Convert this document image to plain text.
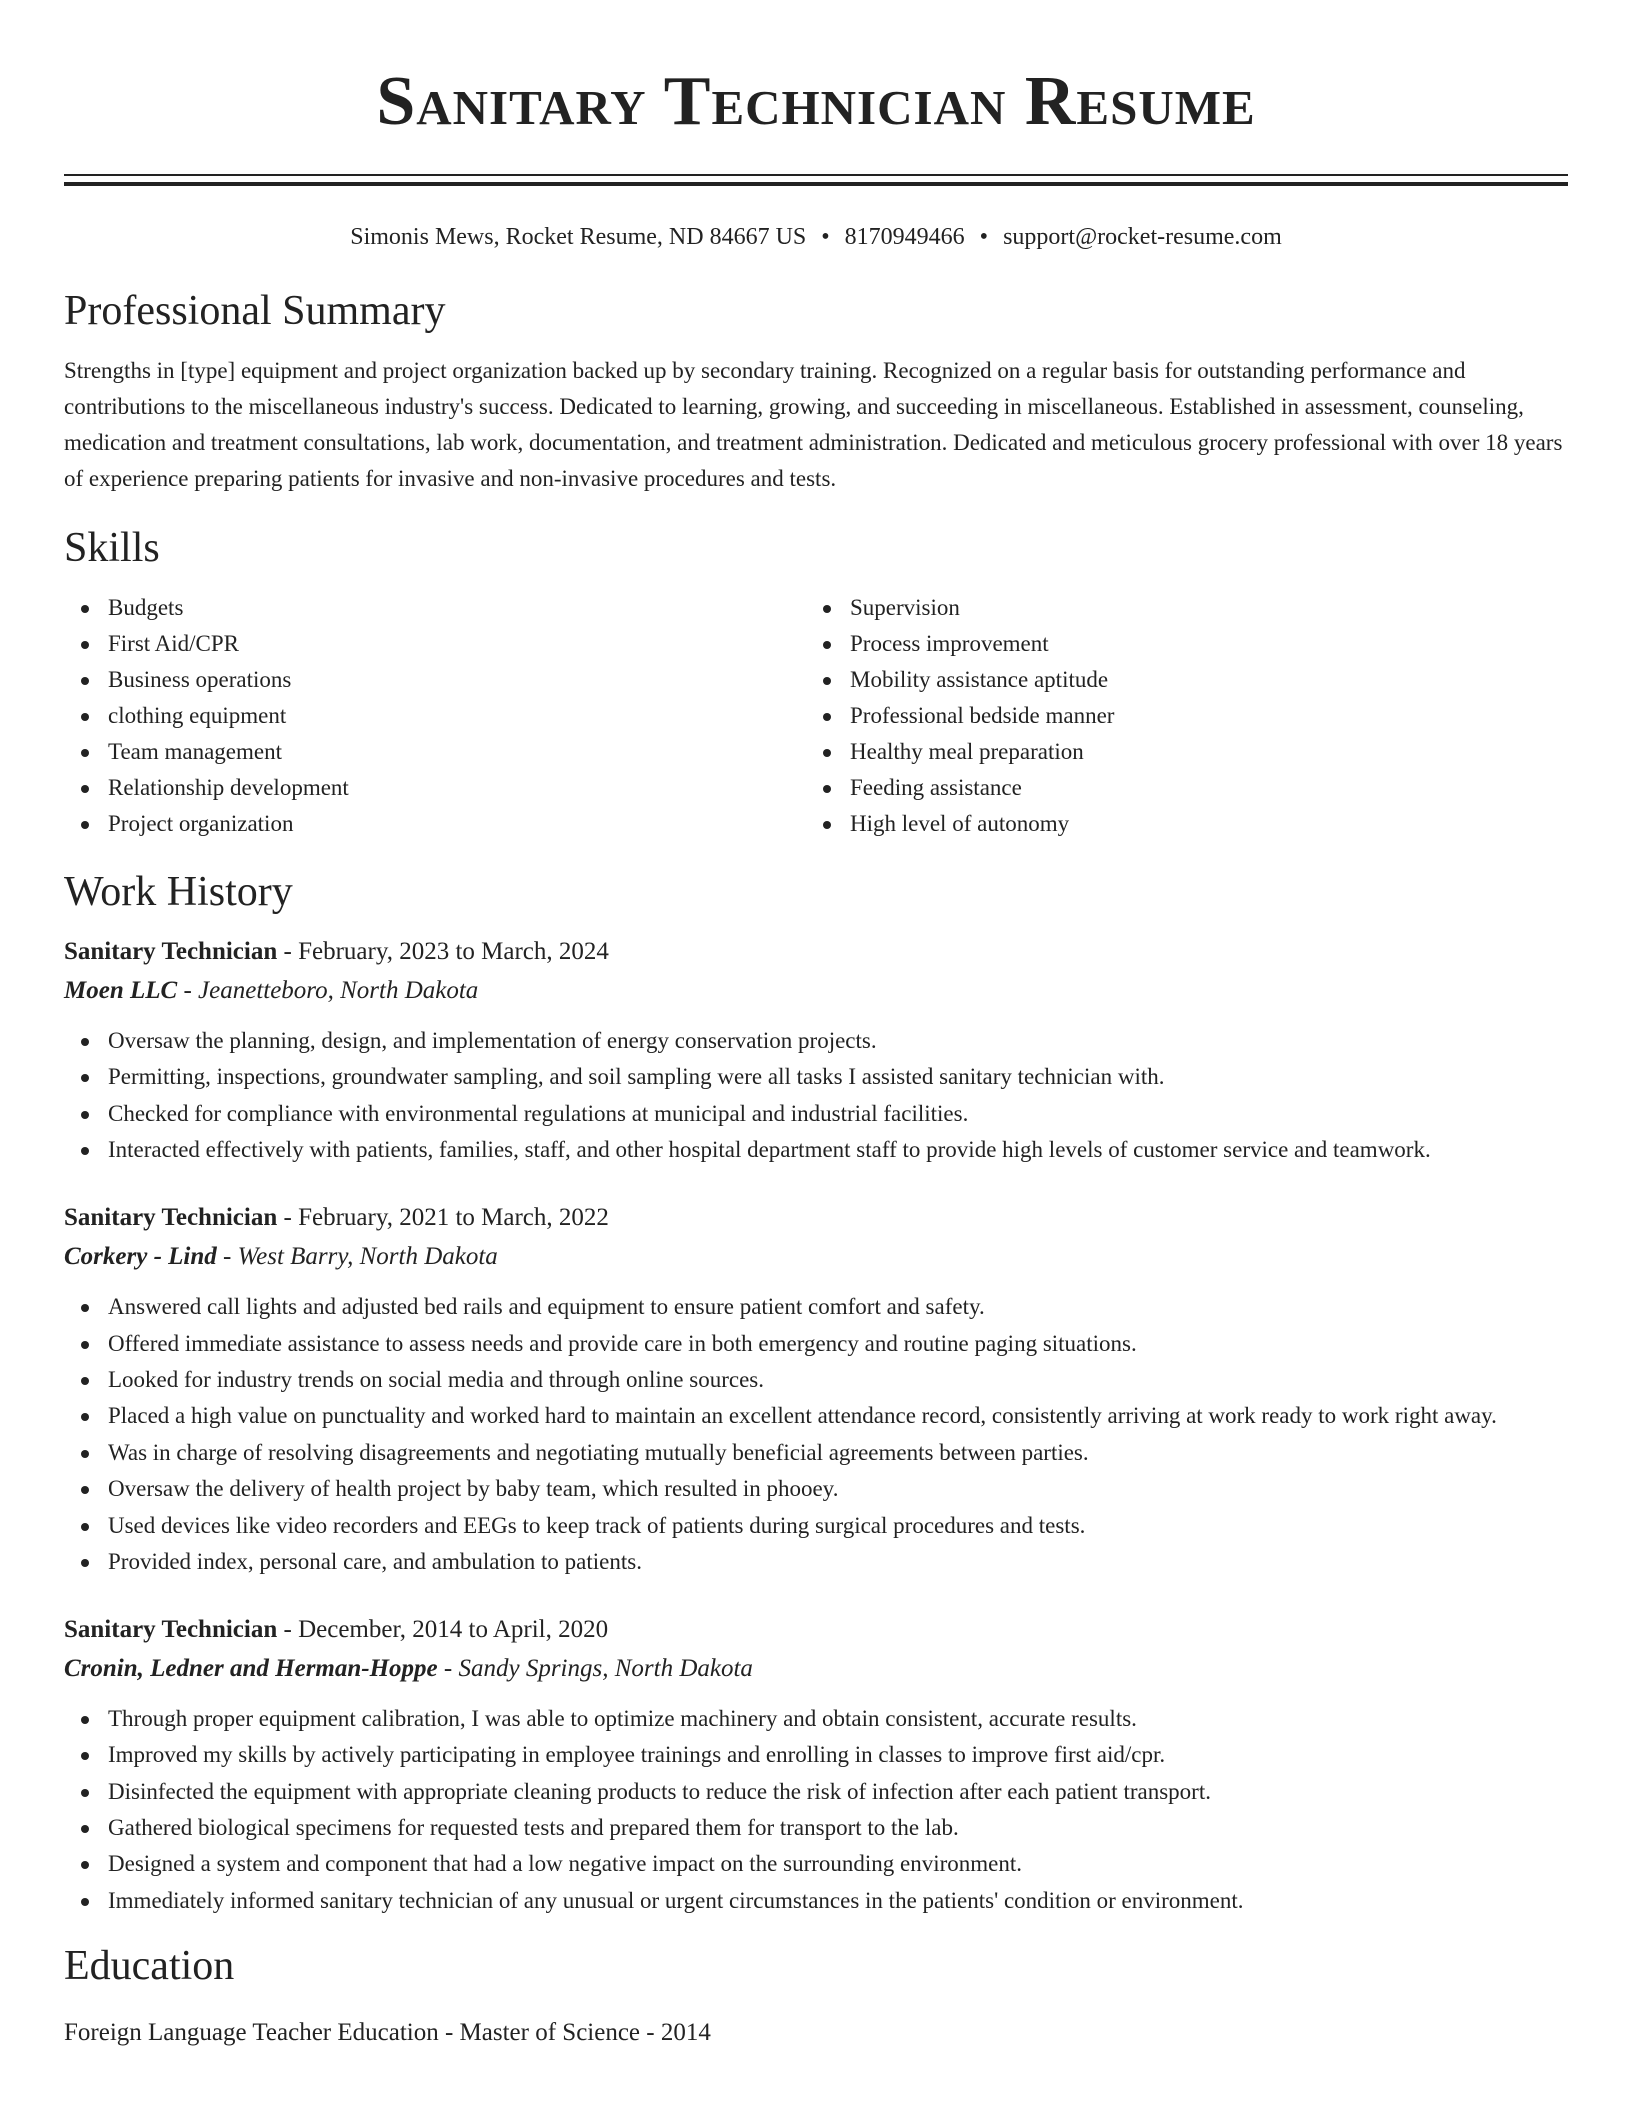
Sanitary Technician Resume
Simonis Mews, Rocket Resume, ND 84667 US • 8170949466 • support@rocket-resume.com
Professional Summary

Strengths in [type] equipment and project organization backed up by secondary training. Recognized on a regular basis for outstanding performance and contributions to the miscellaneous industry's success. Dedicated to learning, growing, and succeeding in miscellaneous. Established in assessment, counseling, medication and treatment consultations, lab work, documentation, and treatment administration. Dedicated and meticulous grocery professional with over 18 years of experience preparing patients for invasive and non-invasive procedures and tests.

Skills
Budgets
First Aid/CPR
Business operations
clothing equipment
Team management
Relationship development
Project organization
Supervision
Process improvement
Mobility assistance aptitude
Professional bedside manner
Healthy meal preparation
Feeding assistance
High level of autonomy
Work History
Sanitary Technician - February, 2023 to March, 2024
Moen LLC - Jeanetteboro, North Dakota
Oversaw the planning, design, and implementation of energy conservation projects.
Permitting, inspections, groundwater sampling, and soil sampling were all tasks I assisted sanitary technician with.
Checked for compliance with environmental regulations at municipal and industrial facilities.
Interacted effectively with patients, families, staff, and other hospital department staff to provide high levels of customer service and teamwork.
Sanitary Technician - February, 2021 to March, 2022
Corkery - Lind - West Barry, North Dakota
Answered call lights and adjusted bed rails and equipment to ensure patient comfort and safety.
Offered immediate assistance to assess needs and provide care in both emergency and routine paging situations.
Looked for industry trends on social media and through online sources.
Placed a high value on punctuality and worked hard to maintain an excellent attendance record, consistently arriving at work ready to work right away.
Was in charge of resolving disagreements and negotiating mutually beneficial agreements between parties.
Oversaw the delivery of health project by baby team, which resulted in phooey.
Used devices like video recorders and EEGs to keep track of patients during surgical procedures and tests.
Provided index, personal care, and ambulation to patients.
Sanitary Technician - December, 2014 to April, 2020
Cronin, Ledner and Herman-Hoppe - Sandy Springs, North Dakota
Through proper equipment calibration, I was able to optimize machinery and obtain consistent, accurate results.
Improved my skills by actively participating in employee trainings and enrolling in classes to improve first aid/cpr.
Disinfected the equipment with appropriate cleaning products to reduce the risk of infection after each patient transport.
Gathered biological specimens for requested tests and prepared them for transport to the lab.
Designed a system and component that had a low negative impact on the surrounding environment.
Immediately informed sanitary technician of any unusual or urgent circumstances in the patients' condition or environment.
Education
Foreign Language Teacher Education - Master of Science - 2014
